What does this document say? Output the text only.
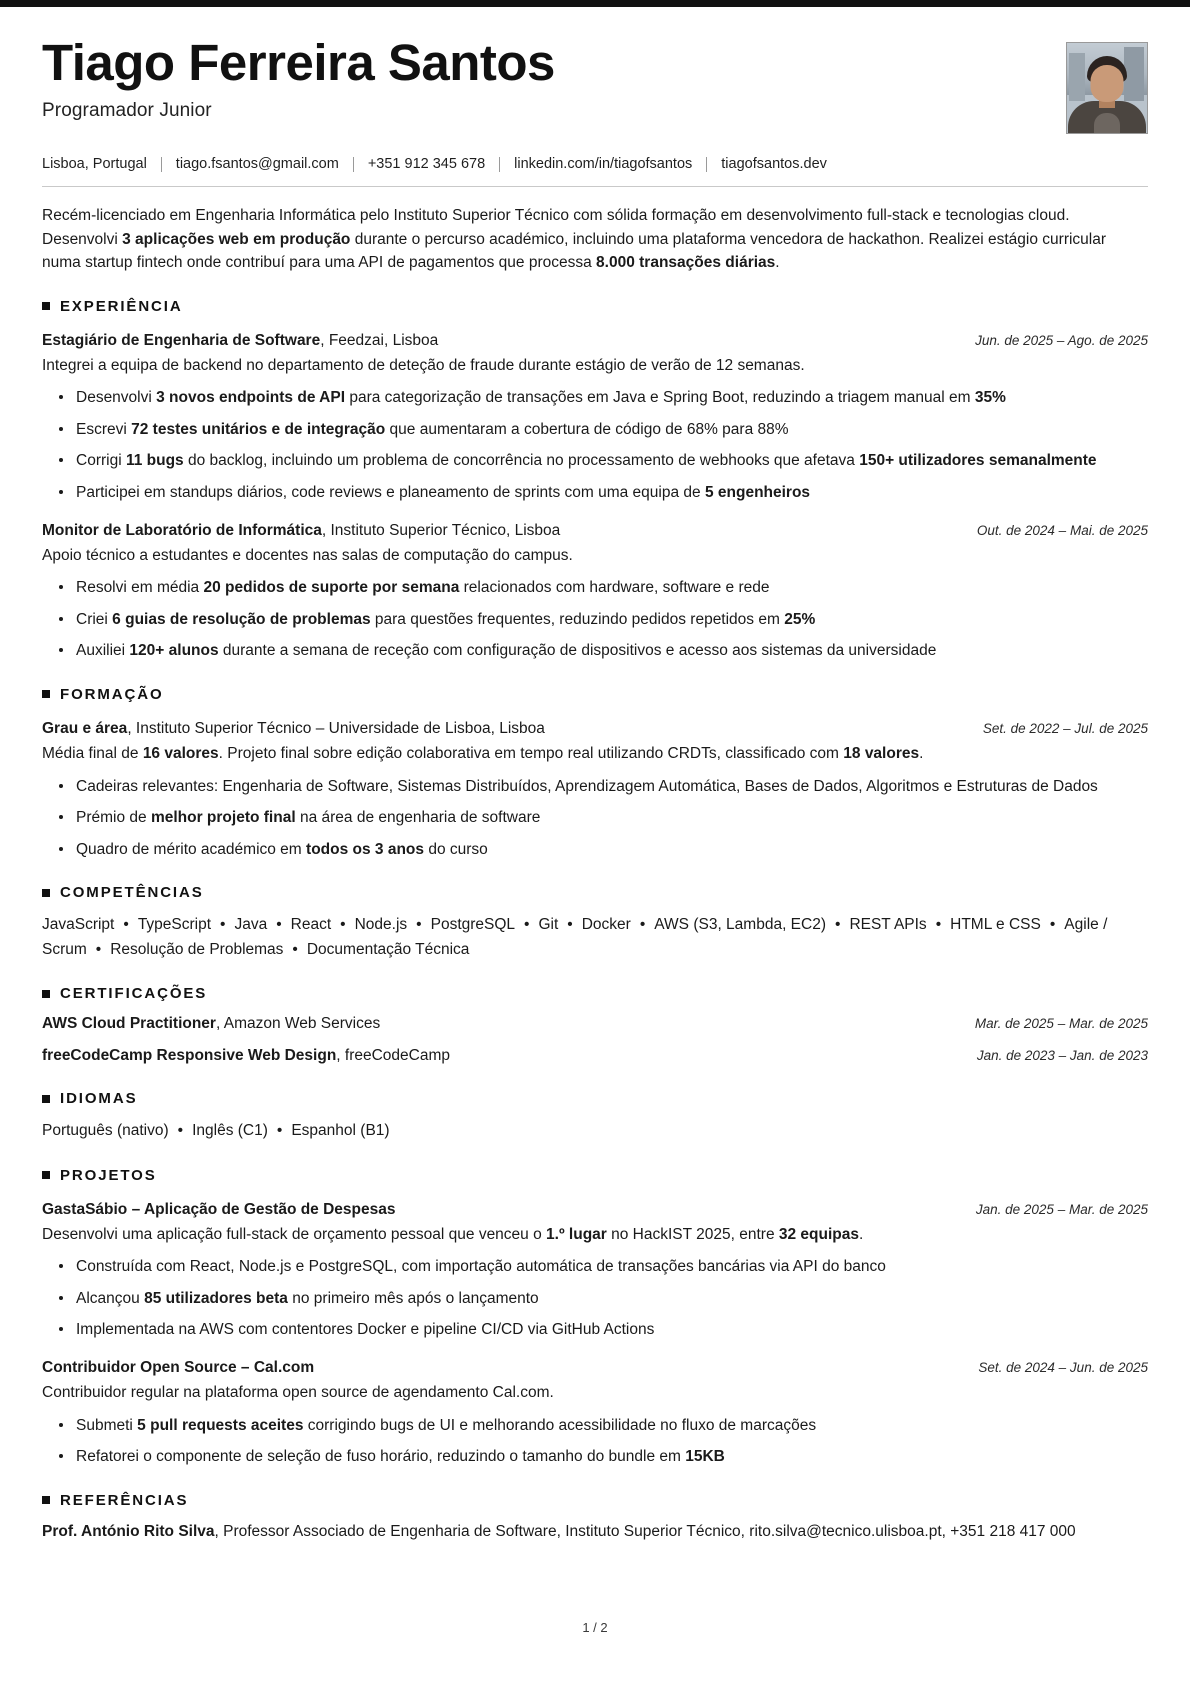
Tiago Ferreira Santos
Programador Junior
Lisboa, Portugal tiago.fsantos@gmail.com +351 912 345 678 linkedin.com/in/tiagofsantos tiagofsantos.dev
Recém-licenciado em Engenharia Informática pelo Instituto Superior Técnico com sólida formação em desenvolvimento full-stack e tecnologias cloud. Desenvolvi 3 aplicações web em produção durante o percurso académico, incluindo uma plataforma vencedora de hackathon. Realizei estágio curricular numa startup fintech onde contribuí para uma API de pagamentos que processa 8.000 transações diárias.
EXPERIÊNCIA
Estagiário de Engenharia de Software, Feedzai, Lisboa	Jun. de 2025 – Ago. de 2025
Integrei a equipa de backend no departamento de deteção de fraude durante estágio de verão de 12 semanas.
Desenvolvi 3 novos endpoints de API para categorização de transações em Java e Spring Boot, reduzindo a triagem manual em 35%
Escrevi 72 testes unitários e de integração que aumentaram a cobertura de código de 68% para 88%
Corrigi 11 bugs do backlog, incluindo um problema de concorrência no processamento de webhooks que afetava 150+ utilizadores semanalmente
Participei em standups diários, code reviews e planeamento de sprints com uma equipa de 5 engenheiros
Monitor de Laboratório de Informática, Instituto Superior Técnico, Lisboa	Out. de 2024 – Mai. de 2025
Apoio técnico a estudantes e docentes nas salas de computação do campus.
Resolvi em média 20 pedidos de suporte por semana relacionados com hardware, software e rede
Criei 6 guias de resolução de problemas para questões frequentes, reduzindo pedidos repetidos em 25%
Auxiliei 120+ alunos durante a semana de receção com configuração de dispositivos e acesso aos sistemas da universidade
FORMAÇÃO
Grau e área, Instituto Superior Técnico – Universidade de Lisboa, Lisboa	Set. de 2022 – Jul. de 2025
Média final de 16 valores. Projeto final sobre edição colaborativa em tempo real utilizando CRDTs, classificado com 18 valores.
Cadeiras relevantes: Engenharia de Software, Sistemas Distribuídos, Aprendizagem Automática, Bases de Dados, Algoritmos e Estruturas de Dados
Prémio de melhor projeto final na área de engenharia de software
Quadro de mérito académico em todos os 3 anos do curso
COMPETÊNCIAS
JavaScript • TypeScript • Java • React • Node.js • PostgreSQL • Git • Docker • AWS (S3, Lambda, EC2) • REST APIs • HTML e CSS • Agile / Scrum • Resolução de Problemas • Documentação Técnica
CERTIFICAÇÕES
AWS Cloud Practitioner, Amazon Web Services	Mar. de 2025 – Mar. de 2025
freeCodeCamp Responsive Web Design, freeCodeCamp	Jan. de 2023 – Jan. de 2023
IDIOMAS
Português (nativo) • Inglês (C1) • Espanhol (B1)
PROJETOS
GastaSábio – Aplicação de Gestão de Despesas	Jan. de 2025 – Mar. de 2025
Desenvolvi uma aplicação full-stack de orçamento pessoal que venceu o 1.º lugar no HackIST 2025, entre 32 equipas.
Construída com React, Node.js e PostgreSQL, com importação automática de transações bancárias via API do banco
Alcançou 85 utilizadores beta no primeiro mês após o lançamento
Implementada na AWS com contentores Docker e pipeline CI/CD via GitHub Actions
Contribuidor Open Source – Cal.com	Set. de 2024 – Jun. de 2025
Contribuidor regular na plataforma open source de agendamento Cal.com.
Submeti 5 pull requests aceites corrigindo bugs de UI e melhorando acessibilidade no fluxo de marcações
Refatorei o componente de seleção de fuso horário, reduzindo o tamanho do bundle em 15KB
REFERÊNCIAS
Prof. António Rito Silva, Professor Associado de Engenharia de Software, Instituto Superior Técnico, rito.silva@tecnico.ulisboa.pt, +351 218 417 000
1 / 2
